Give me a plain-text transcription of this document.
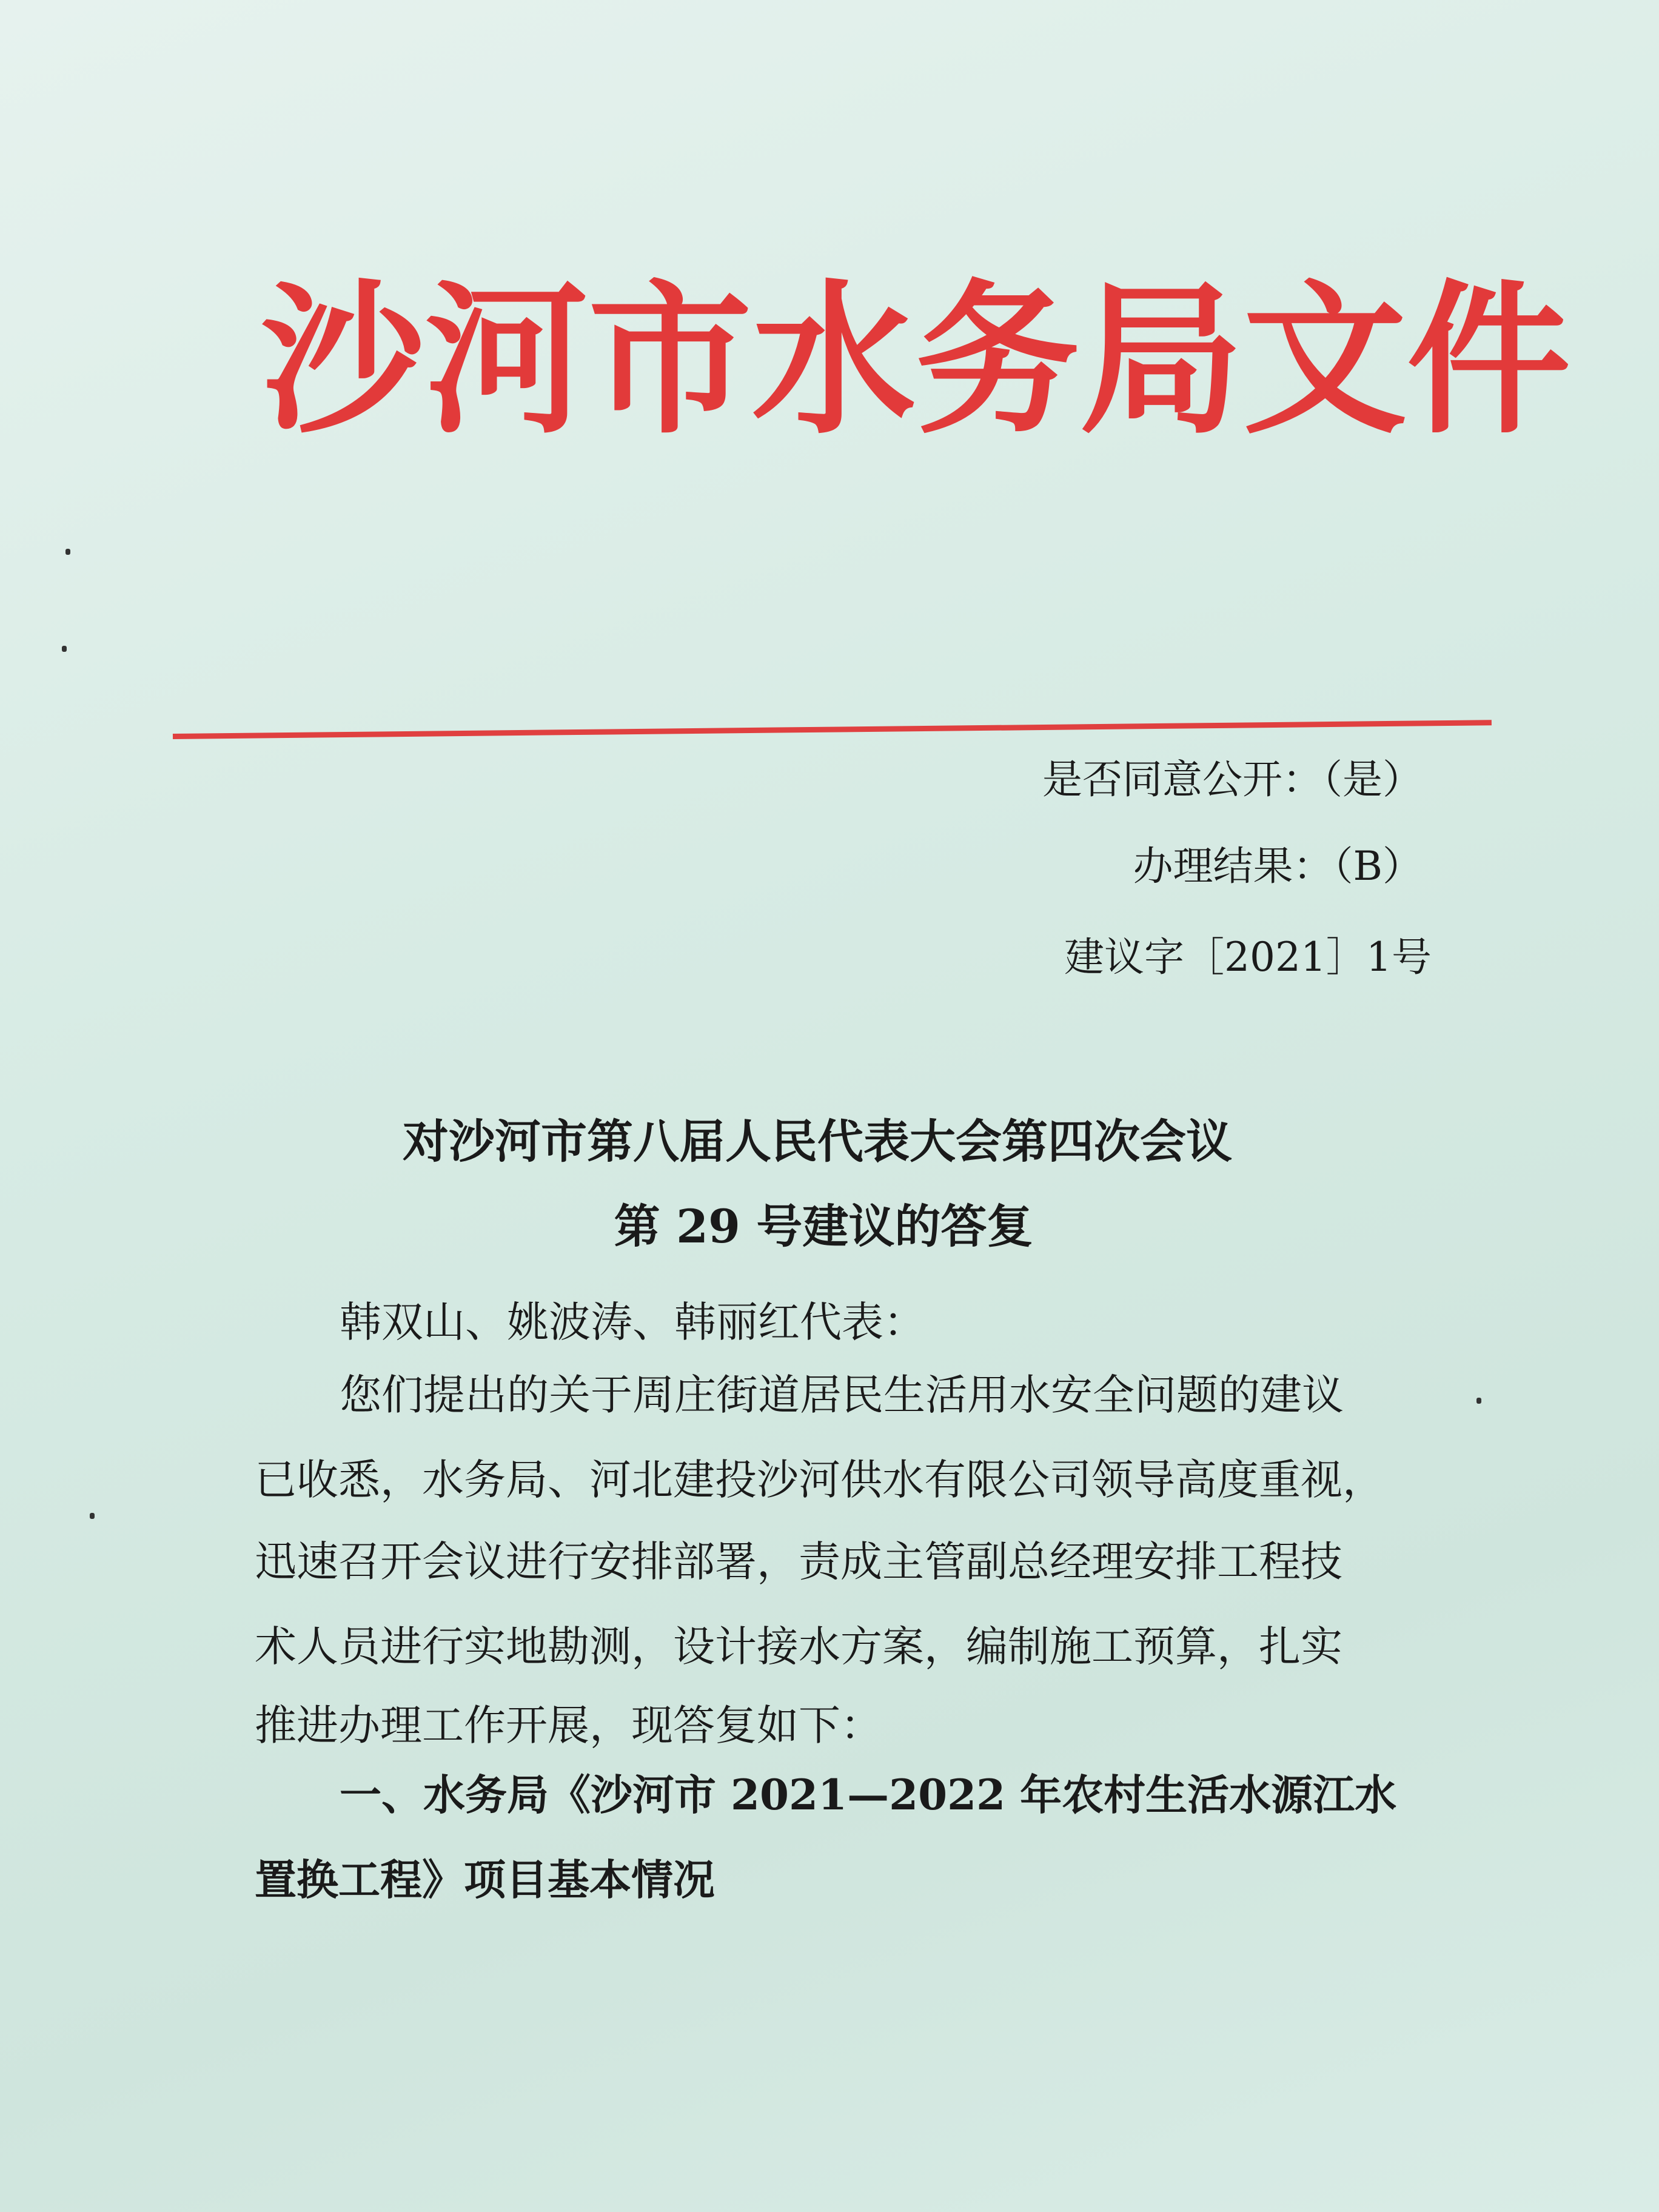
沙河市水务局文件
是否同意公开：（是）
办理结果：（B）
建议字［2021］1号
对沙河市第八届人民代表大会第四次会议
第 29 号建议的答复
韩双山、姚波涛、韩丽红代表：
您们提出的关于周庄街道居民生活用水安全问题的建议
已收悉，水务局、河北建投沙河供水有限公司领导高度重视，
迅速召开会议进行安排部署，责成主管副总经理安排工程技
术人员进行实地勘测，设计接水方案，编制施工预算，扎实
推进办理工作开展，现答复如下：
一、水务局《沙河市 2021—2022 年农村生活水源江水
置换工程》项目基本情况
